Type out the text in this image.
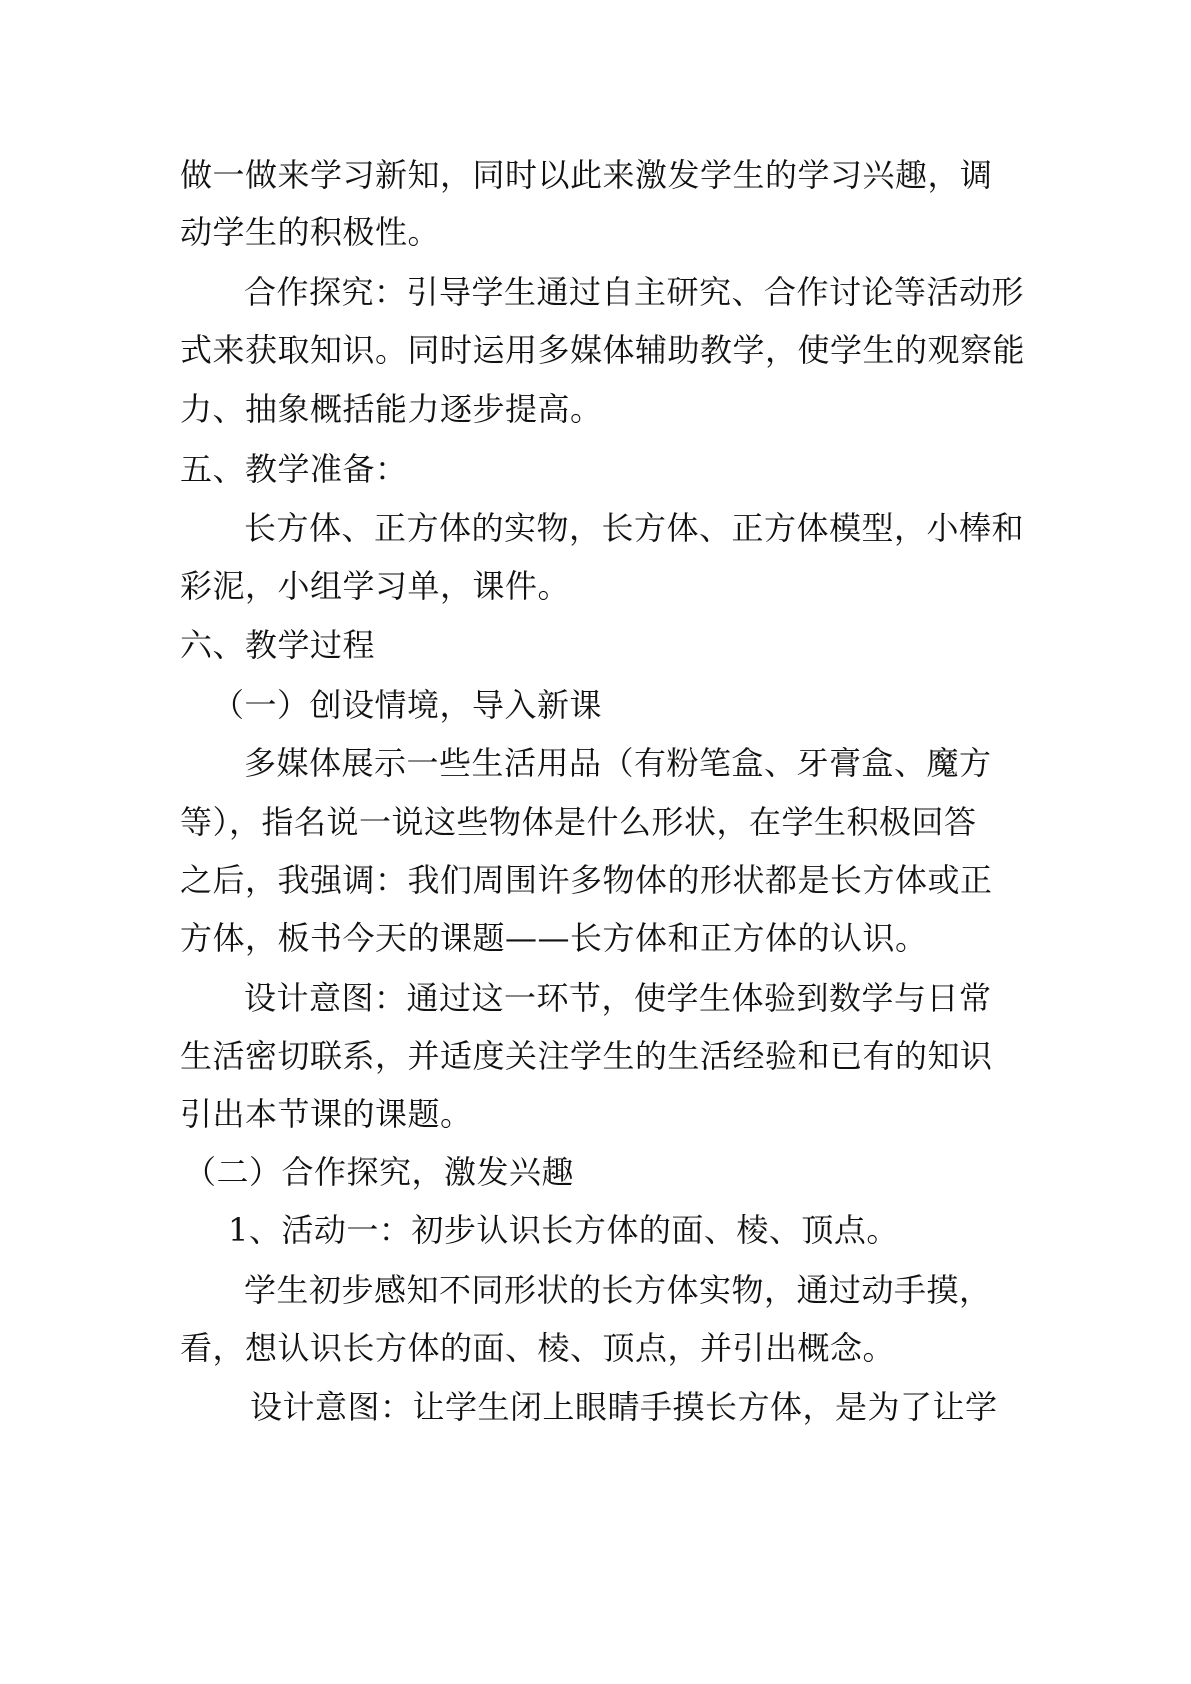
做一做来学习新知，同时以此来激发学生的学习兴趣，调
动学生的积极性。
合作探究：引导学生通过自主研究、合作讨论等活动形
式来获取知识。同时运用多媒体辅助教学，使学生的观察能
力、抽象概括能力逐步提高。
五、教学准备：
长方体、正方体的实物，长方体、正方体模型，小棒和
彩泥，小组学习单，课件。
六、教学过程
（一）创设情境，导入新课
多媒体展示一些生活用品（有粉笔盒、牙膏盒、魔方
等），指名说一说这些物体是什么形状，在学生积极回答
之后，我强调：我们周围许多物体的形状都是长方体或正
方体，板书今天的课题——长方体和正方体的认识。
设计意图：通过这一环节，使学生体验到数学与日常
生活密切联系，并适度关注学生的生活经验和已有的知识
引出本节课的课题。
（二）合作探究，激发兴趣
1、活动一：初步认识长方体的面、棱、顶点。
学生初步感知不同形状的长方体实物，通过动手摸，
看，想认识长方体的面、棱、顶点，并引出概念。
设计意图：让学生闭上眼睛手摸长方体，是为了让学
